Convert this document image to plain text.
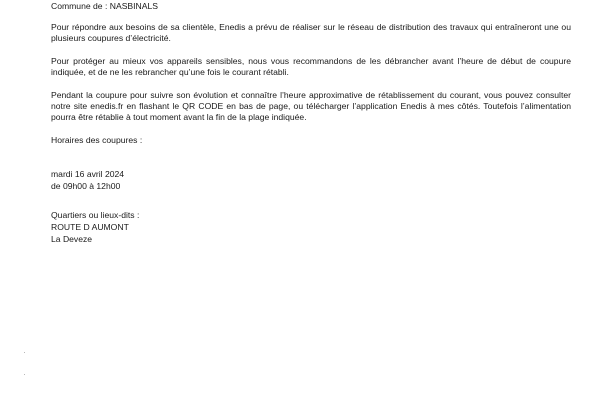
Commune de : NASBINALS

Pour répondre aux besoins de sa clientèle, Enedis a prévu de réaliser sur le réseau de distribution des travaux qui entraîneront une ou plusieurs coupures d’électricité.

Pour protéger au mieux vos appareils sensibles, nous vous recommandons de les débrancher avant l’heure de début de coupure indiquée, et de ne les rebrancher qu’une fois le courant rétabli.

Pendant la coupure pour suivre son évolution et connaître l’heure approximative de rétablissement du courant, vous pouvez consulter notre site enedis.fr en flashant le QR CODE en bas de page, ou télécharger l’application Enedis à mes côtés. Toutefois l’alimentation pourra être rétablie à tout moment avant la fin de la plage indiquée.

Horaires des coupures :

mardi 16 avril 2024

de 09h00 à 12h00

Quartiers ou lieux-dits :

ROUTE D AUMONT

La Deveze
